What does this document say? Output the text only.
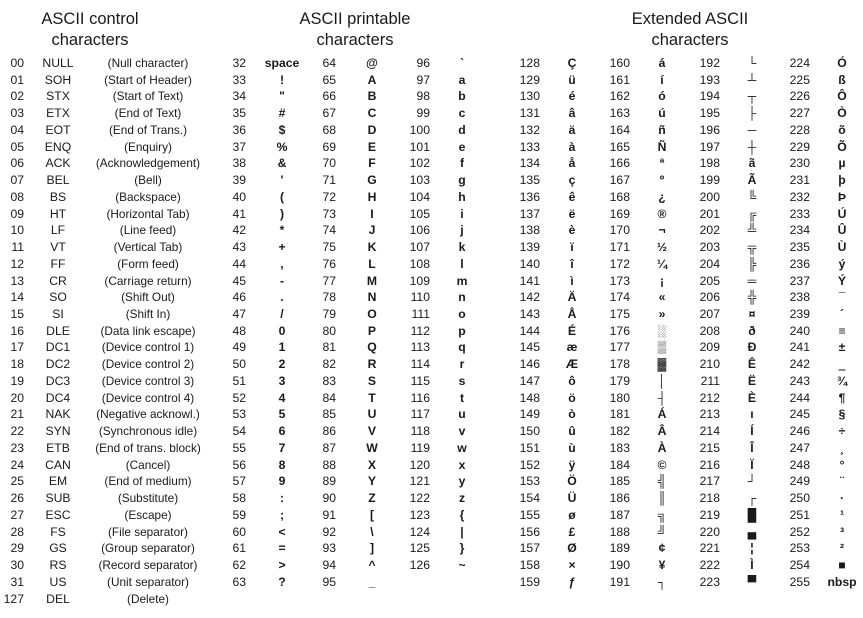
ASCII control
characters
ASCII printable
characters
Extended ASCII
characters
00
01
02
03
04
05
06
07
08
09
10
11
12
13
14
15
16
17
18
19
20
21
22
23
24
25
26
27
28
29
30
31
127
NULL
SOH
STX
ETX
EOT
ENQ
ACK
BEL
BS
HT
LF
VT
FF
CR
SO
SI
DLE
DC1
DC2
DC3
DC4
NAK
SYN
ETB
CAN
EM
SUB
ESC
FS
GS
RS
US
DEL
(Null character)
(Start of Header)
(Start of Text)
(End of Text)
(End of Trans.)
(Enquiry)
(Acknowledgement)
(Bell)
(Backspace)
(Horizontal Tab)
(Line feed)
(Vertical Tab)
(Form feed)
(Carriage return)
(Shift Out)
(Shift In)
(Data link escape)
(Device control 1)
(Device control 2)
(Device control 3)
(Device control 4)
(Negative acknowl.)
(Synchronous idle)
(End of trans. block)
(Cancel)
(End of medium)
(Substitute)
(Escape)
(File separator)
(Group separator)
(Record separator)
(Unit separator)
(Delete)
32
33
34
35
36
37
38
39
40
41
42
43
44
45
46
47
48
49
50
51
52
53
54
55
56
57
58
59
60
61
62
63
space
!
"
#
$
%
&
'
(
)
*
+
,
-
.
/
0
1
2
3
4
5
6
7
8
9
:
;
<
=
>
?
64
65
66
67
68
69
70
71
72
73
74
75
76
77
78
79
80
81
82
83
84
85
86
87
88
89
90
91
92
93
94
95
@
A
B
C
D
E
F
G
H
I
J
K
L
M
N
O
P
Q
R
S
T
U
V
W
X
Y
Z
[
\
]
^
_
96
97
98
99
100
101
102
103
104
105
106
107
108
109
110
111
112
113
114
115
116
117
118
119
120
121
122
123
124
125
126
`
a
b
c
d
e
f
g
h
i
j
k
l
m
n
o
p
q
r
s
t
u
v
w
x
y
z
{
|
}
~
128
129
130
131
132
133
134
135
136
137
138
139
140
141
142
143
144
145
146
147
148
149
150
151
152
153
154
155
156
157
158
159
Ç
ü
é
â
ä
à
å
ç
ê
ë
è
ï
î
ì
Ä
Å
É
æ
Æ
ô
ö
ò
û
ù
ÿ
Ö
Ü
ø
£
Ø
×
ƒ
160
161
162
163
164
165
166
167
168
169
170
171
172
173
174
175
176
177
178
179
180
181
182
183
184
185
186
187
188
189
190
191
á
í
ó
ú
ñ
Ñ
ª
º
¿
®
¬
½
¼
¡
«
»
░
▒
▓
│
┤
Á
Â
À
©
╣
║
╗
╝
¢
¥
┐
192
193
194
195
196
197
198
199
200
201
202
203
204
205
206
207
208
209
210
211
212
213
214
215
216
217
218
219
220
221
222
223
└
┴
┬
├
─
┼
ã
Ã
╚
╔
╩
╦
╠
═
╬
¤
ð
Ð
Ê
Ë
È
ı
Í
Î
Ï
┘
┌
█
▄
¦
Ì
▀
224
225
226
227
228
229
230
231
232
233
234
235
236
237
238
239
240
241
242
243
244
245
246
247
248
249
250
251
252
253
254
255
Ó
ß
Ô
Ò
õ
Õ
µ
þ
Þ
Ú
Û
Ù
ý
Ý
¯
´
≡
±
‗
¾
¶
§
÷
¸
°
¨
·
¹
³
²
■
nbsp
